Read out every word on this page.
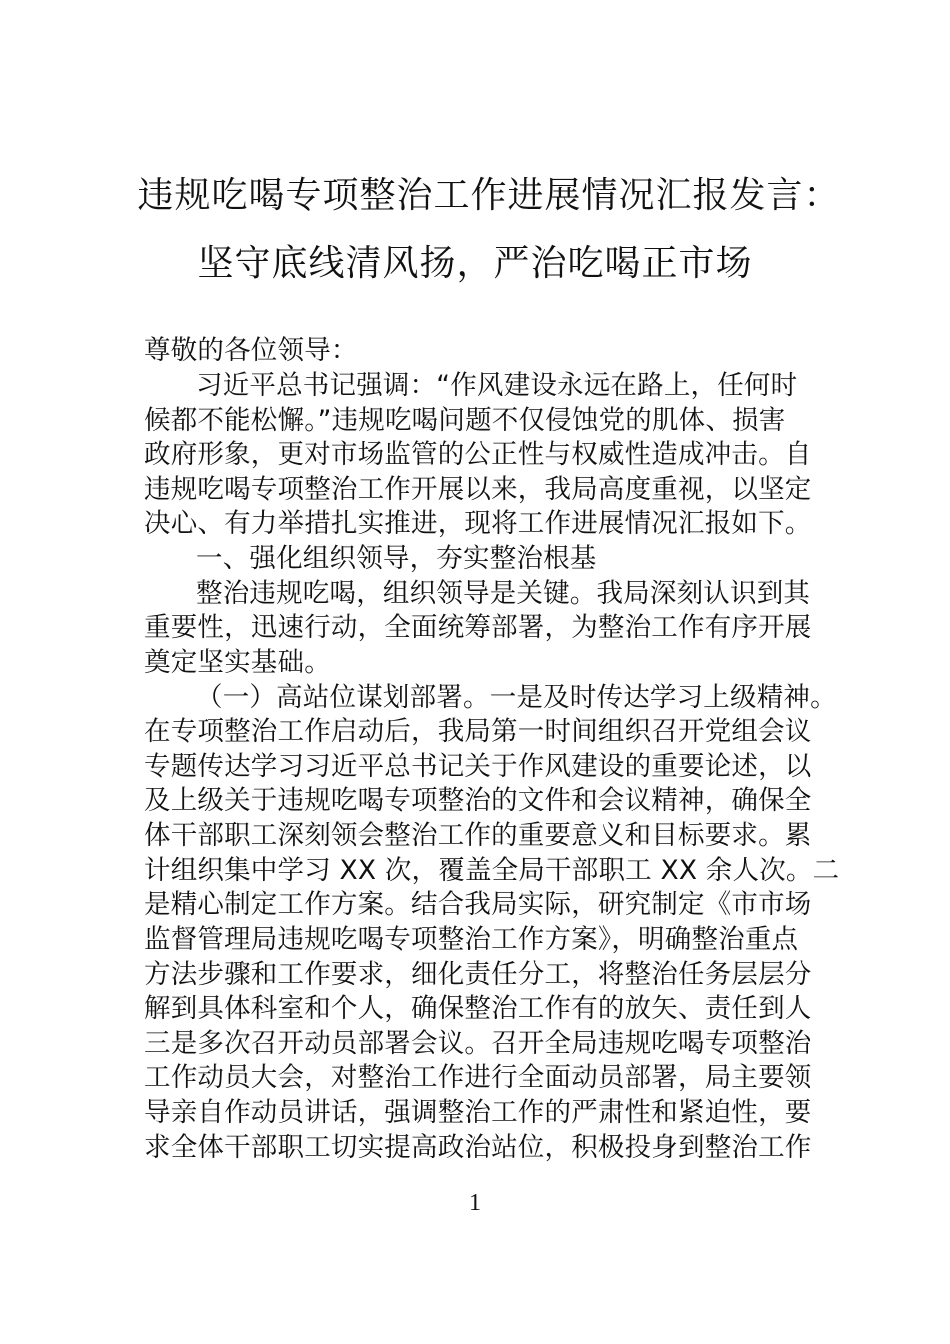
违规吃喝专项整治工作进展情况汇报发言：
坚守底线清风扬，严治吃喝正市场
尊敬的各位领导：
习近平总书记强调：“作风建设永远在路上，任何时
候都不能松懈。”违规吃喝问题不仅侵蚀党的肌体、损害
政府形象，更对市场监管的公正性与权威性造成冲击。自
违规吃喝专项整治工作开展以来，我局高度重视，以坚定
决心、有力举措扎实推进，现将工作进展情况汇报如下。
一、强化组织领导，夯实整治根基
整治违规吃喝，组织领导是关键。我局深刻认识到其
重要性，迅速行动，全面统筹部署，为整治工作有序开展
奠定坚实基础。
（一）高站位谋划部署。一是及时传达学习上级精神。
在专项整治工作启动后，我局第一时间组织召开党组会议
专题传达学习习近平总书记关于作风建设的重要论述，以
及上级关于违规吃喝专项整治的文件和会议精神，确保全
体干部职工深刻领会整治工作的重要意义和目标要求。累
计组织集中学习 XX 次，覆盖全局干部职工 XX 余人次。二
是精心制定工作方案。结合我局实际，研究制定《市市场
监督管理局违规吃喝专项整治工作方案》，明确整治重点
方法步骤和工作要求，细化责任分工，将整治任务层层分
解到具体科室和个人，确保整治工作有的放矢、责任到人
三是多次召开动员部署会议。召开全局违规吃喝专项整治
工作动员大会，对整治工作进行全面动员部署，局主要领
导亲自作动员讲话，强调整治工作的严肃性和紧迫性，要
求全体干部职工切实提高政治站位，积极投身到整治工作
1
